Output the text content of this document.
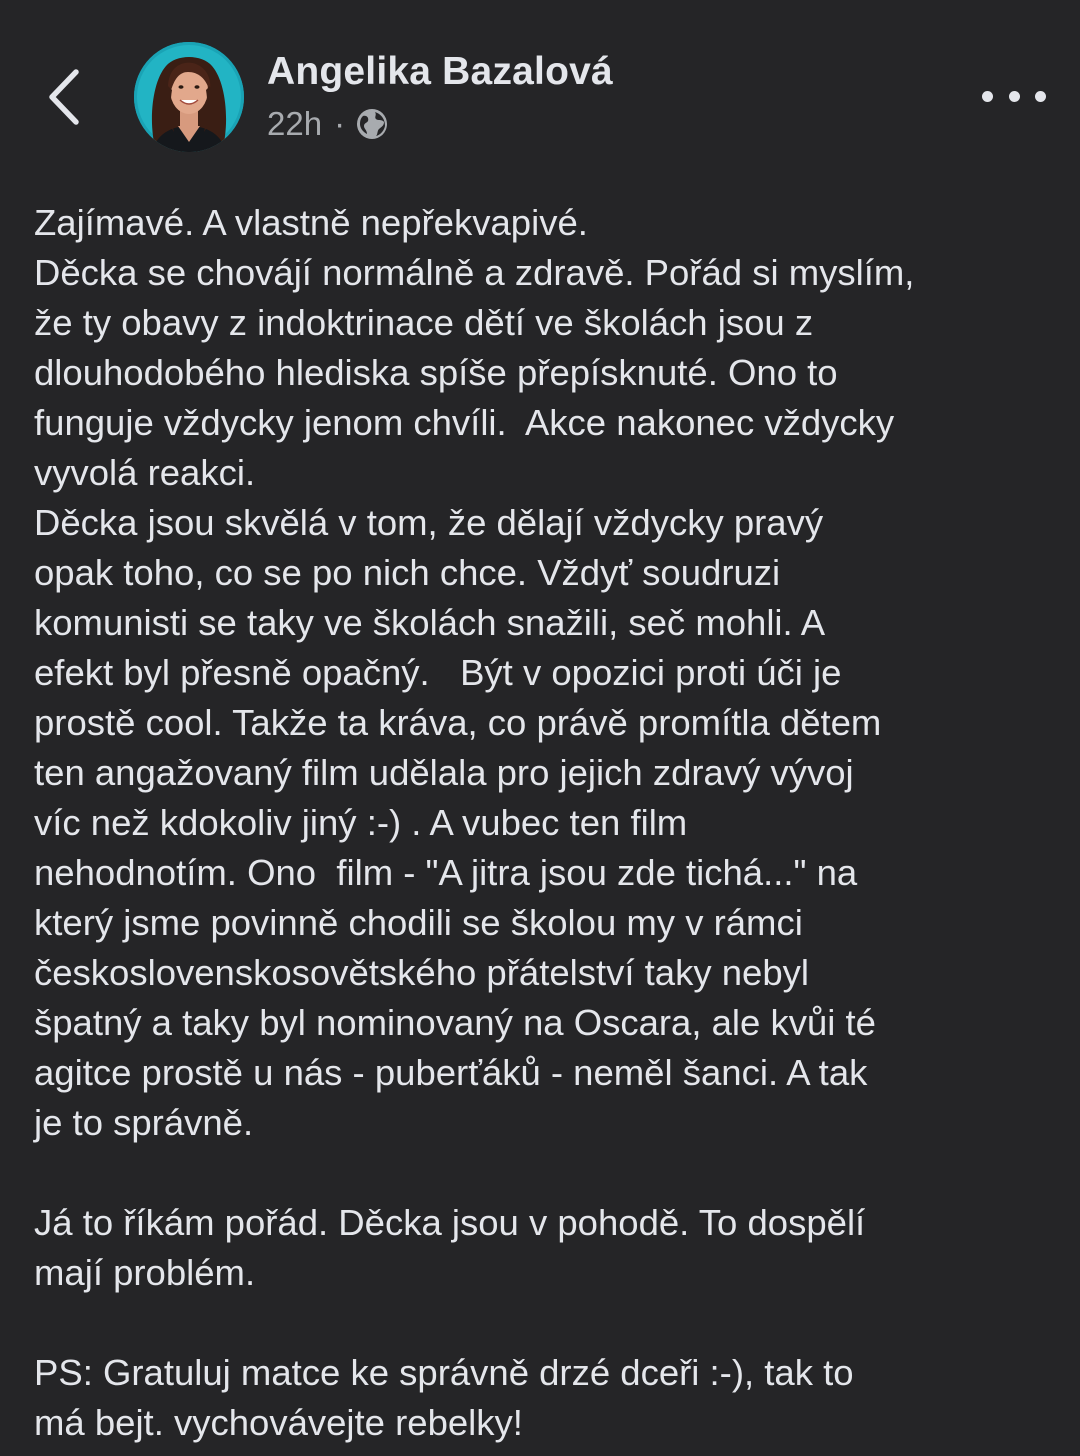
Angelika Bazalová
22h ·
Zajímavé. A vlastně nepřekvapivé.
Děcka se chovájí normálně a zdravě. Pořád si myslím,
že ty obavy z indoktrinace dětí ve školách jsou z
dlouhodobého hlediska spíše přepísknuté. Ono to
funguje vždycky jenom chvíli.  Akce nakonec vždycky
vyvolá reakci.
Děcka jsou skvělá v tom, že dělají vždycky pravý
opak toho, co se po nich chce. Vždyť soudruzi
komunisti se taky ve školách snažili, seč mohli. A
efekt byl přesně opačný.   Být v opozici proti úči je
prostě cool. Takže ta kráva, co právě promítla dětem
ten angažovaný film udělala pro jejich zdravý vývoj
víc než kdokoliv jiný :-) . A vubec ten film
nehodnotím. Ono  film - "A jitra jsou zde tichá..." na
který jsme povinně chodili se školou my v rámci
československosovětského přátelství taky nebyl
špatný a taky byl nominovaný na Oscara, ale kvůi té
agitce prostě u nás - puberťáků - neměl šanci. A tak
je to správně.
Já to říkám pořád. Děcka jsou v pohodě. To dospělí
mají problém.
PS: Gratuluj matce ke správně drzé dceři :-), tak to
má bejt. vychovávejte rebelky!
